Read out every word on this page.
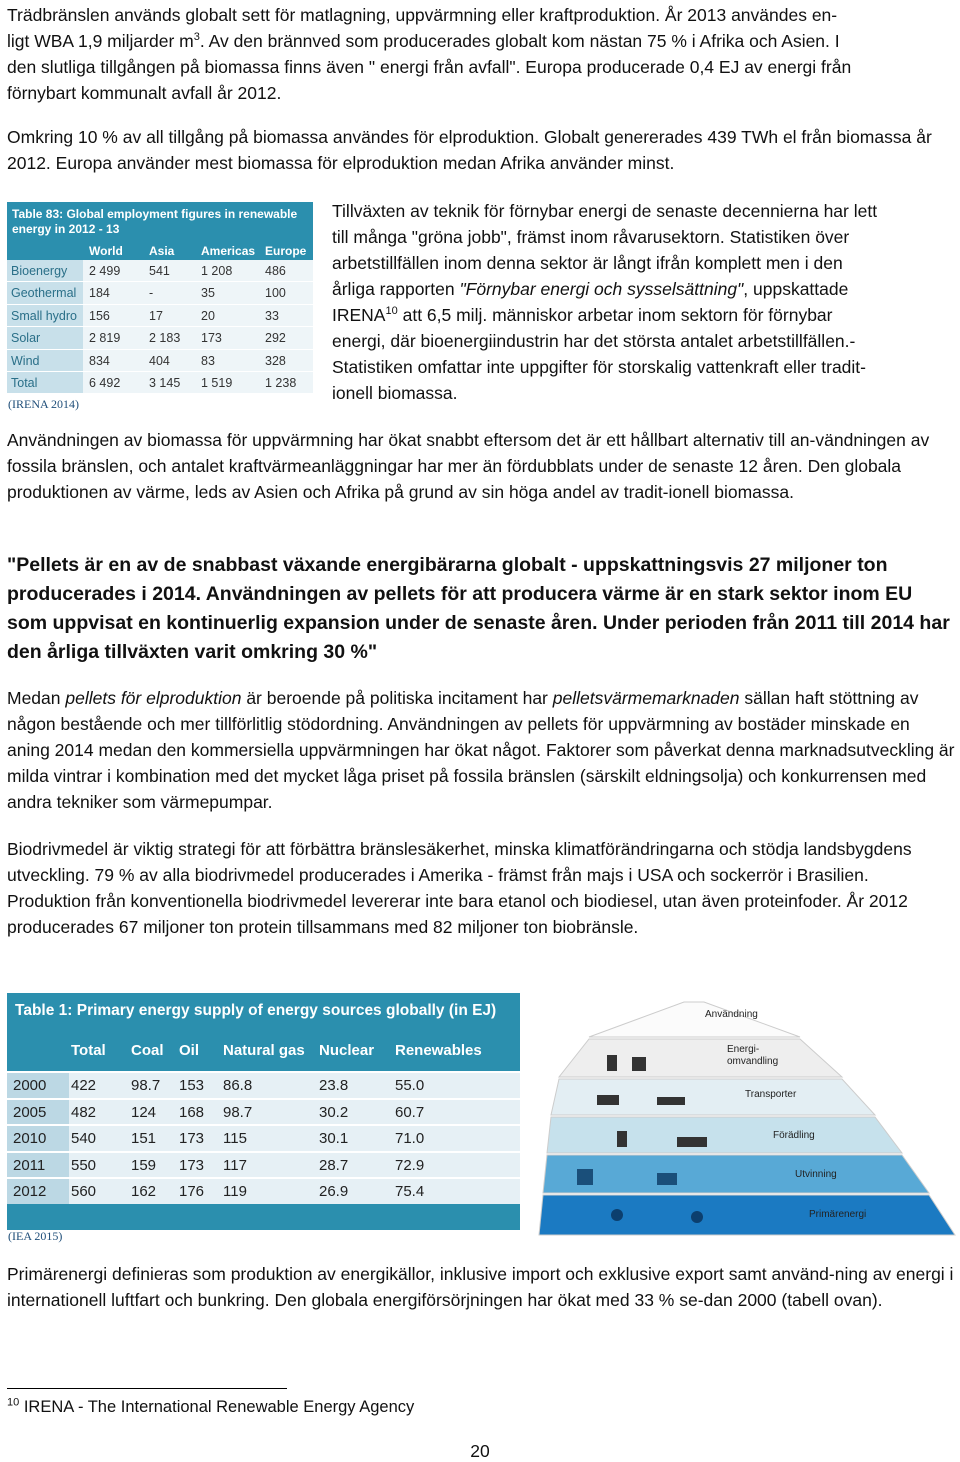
Trädbränslen används globalt sett för matlagning, uppvärmning eller kraftproduktion. År 2013 användes en-
ligt WBA 1,9 miljarder $m^3$. Av den brännved som producerades globalt kom nästan 75 % i Afrika och Asien. I
den slutliga tillgången på biomassa finns även " energi från avfall". Europa producerade 0,4 EJ av energi från
förnybart kommunalt avfall år 2012.

Omkring 10 % av all tillgång på biomassa användes för elproduktion. Globalt genererades 439 TWh el från biomassa år 2012. Europa använder mest biomassa för elproduktion medan Afrika använder minst.

Table 83: Global employment figures in renewable energy in 2012 - 13
World	Asia	Americas Europe
Bioenergy	2 499	541	1 208	486
Geothermal	184	-	35	100
Small hydro 156	17	20	33
Solar	2 819	2 183	173	292
Wind	834	404	83	328
Total	6 492	3 145	1 519	1 238
(IRENA 2014)
Tillväxten av teknik för förnybar energi de senaste decennierna har lett
till många "gröna jobb", främst inom råvarusektorn. Statistiken över
arbetstillfällen inom denna sektor är långt ifrån komplett men i den
årliga rapporten "Förnybar energi och sysselsättning", uppskattade
IRENA$^{10}$ att 6,5 milj. människor arbetar inom sektorn för förnybar
energi, där bioenergiindustrin har det största antalet arbetstillfällen.-
Statistiken omfattar inte uppgifter för storskalig vattenkraft eller tradit-
ionell biomassa.

Användningen av biomassa för uppvärmning har ökat snabbt eftersom det är ett hållbart alternativ till an-vändningen av fossila bränslen, och antalet kraftvärmeanläggningar har mer än fördubblats under de senaste 12 åren. Den globala produktionen av värme, leds av Asien och Afrika på grund av sin höga andel av tradit-ionell biomassa.

"Pellets är en av de snabbast växande energibärarna globalt - uppskattningsvis 27 miljoner ton producerades i 2014. Användningen av pellets för att producera värme är en stark sektor inom EU som uppvisat en kontinuerlig expansion under de senaste åren. Under perioden från 2011 till 2014 har den årliga tillväxten varit omkring 30 %"

Medan pellets för elproduktion är beroende på politiska incitament har pelletsvärmemarknaden sällan haft stöttning av någon bestående och mer tillförlitlig stödordning. Användningen av pellets för uppvärmning av bostäder minskade en aning 2014 medan den kommersiella uppvärmningen har ökat något. Faktorer som påverkat denna marknadsutveckling är milda vintrar i kombination med det mycket låga priset på fossila bränslen (särskilt eldningsolja) och konkurrensen med andra tekniker som värmepumpar.

Biodrivmedel är viktig strategi för att förbättra bränslesäkerhet, minska klimatförändringarna och stödja landsbygdens utveckling. 79 % av alla biodrivmedel producerades i Amerika - främst från majs i USA och sockerrör i Brasilien. Produktion från konventionella biodrivmedel levererar inte bara etanol och biodiesel, utan även proteinfoder. År 2012 producerades 67 miljoner ton protein tillsammans med 82 miljoner ton biobränsle.

Table 1: Primary energy supply of energy sources globally (in EJ)
Total	Coal	Oil	Natural gas Nuclear	Renewables
2000	422	98.7	153	86.8	23.8	55.0
2005	482	124	168	98.7	30.2	60.7
2010	540	151	173	115	30.1	71.0
2011	550	159	173	117	28.7	72.9
2012	560	162	176	119	26.9	75.4
(IEA 2015)
Användning
Energi-
omvandling
Transporter
Förädling
Utvinning
Primärenergi

Primärenergi definieras som produktion av energikällor, inklusive import och exklusive export samt använd-ning av energi i internationell luftfart och bunkring. Den globala energiförsörjningen har ökat med 33 % se-dan 2000 (tabell ovan).

$^{10}$ IRENA - The International Renewable Energy Agency
20
